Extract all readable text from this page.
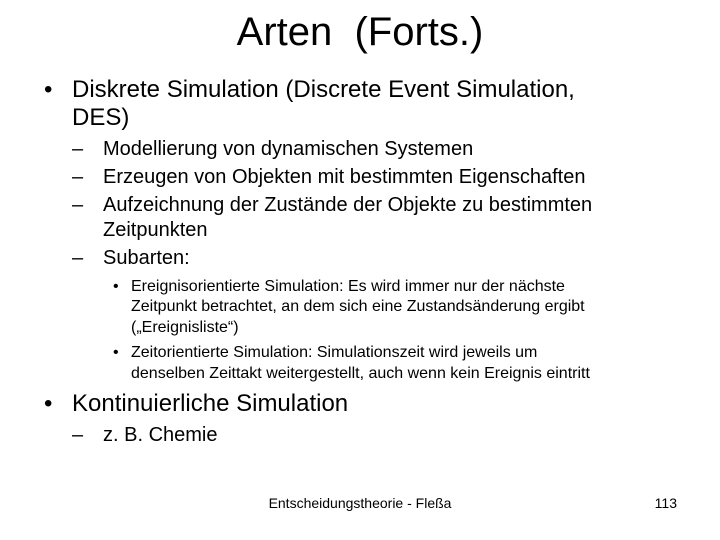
Arten  (Forts.)
• Diskrete Simulation (Discrete Event Simulation,
DES)
– Modellierung von dynamischen Systemen
– Erzeugen von Objekten mit bestimmten Eigenschaften
– Aufzeichnung der Zustände der Objekte zu bestimmten
Zeitpunkten
– Subarten:
• Ereignisorientierte Simulation: Es wird immer nur der nächste
Zeitpunkt betrachtet, an dem sich eine Zustandsänderung ergibt
(„Ereignisliste“)
• Zeitorientierte Simulation: Simulationszeit wird jeweils um
denselben Zeittakt weitergestellt, auch wenn kein Ereignis eintritt
• Kontinuierliche Simulation
– z. B. Chemie
Entscheidungstheorie - Fleßa	113
